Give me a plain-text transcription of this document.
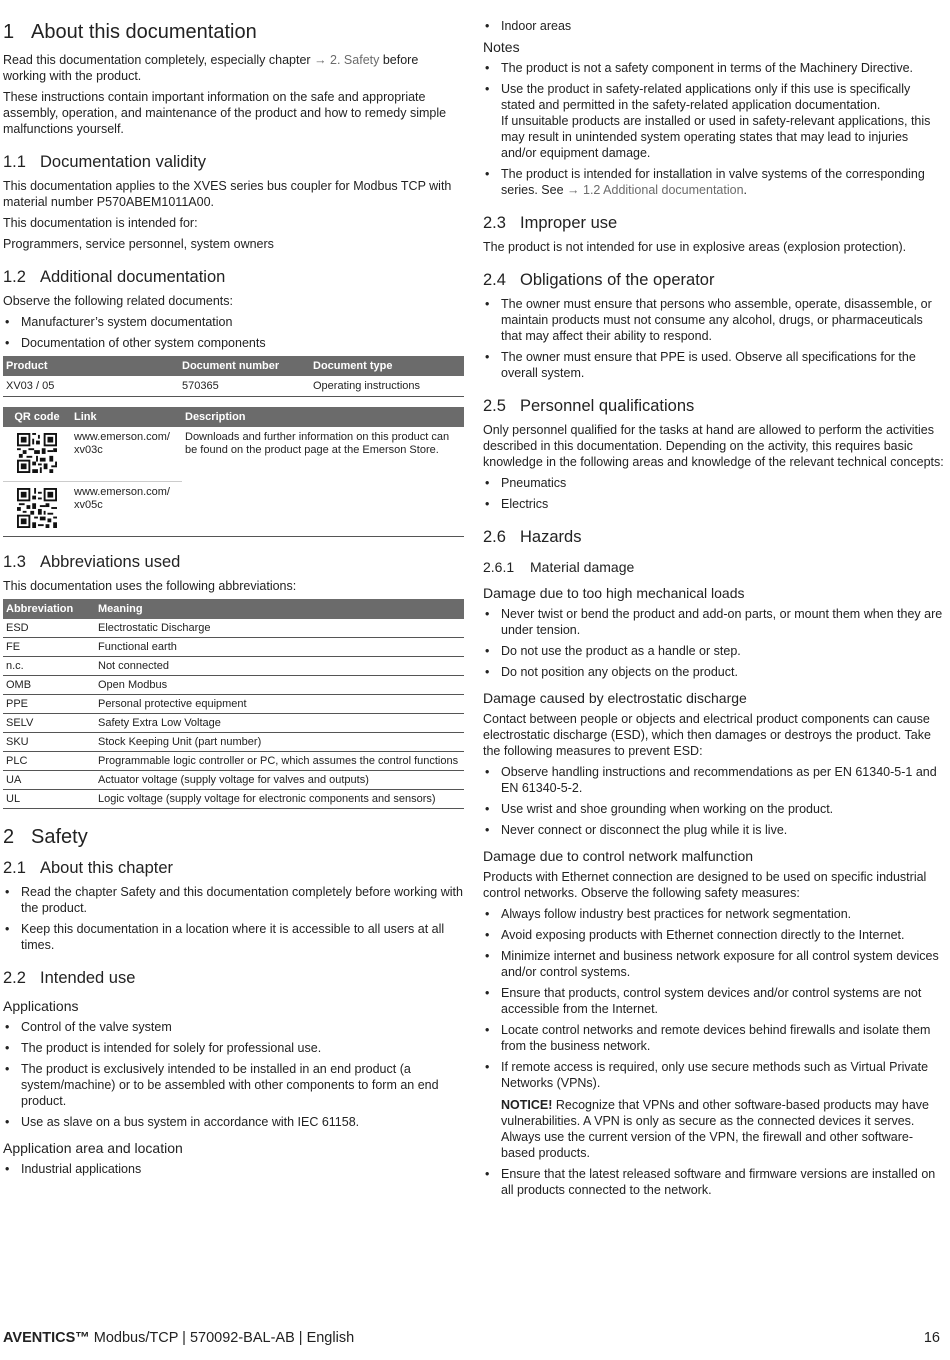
1 About this documentation

Read this documentation completely, especially chapter → 2. Safety before working with the product.

These instructions contain important information on the safe and appropriate assembly, operation, and maintenance of the product and how to remedy simple malfunctions yourself.

1.1 Documentation validity

This documentation applies to the XVES series bus coupler for Modbus TCP with material number P570ABEM1011A00.

This documentation is intended for:

Programmers, service personnel, system owners

1.2 Additional documentation

Observe the following related documents:

• Manufacturer’s system documentation
• Documentation of other system components
Product	Document number	Document type
XV03 / 05	570365	Operating instructions
QR code	Link	Description
	www.emerson.com/ xv03c	Downloads and further information on this product can be found on the product page at the Emerson Store.
	www.emerson.com/ xv05c	
1.3 Abbreviations used

This documentation uses the following abbreviations:

Abbreviation	Meaning
ESD	Electrostatic Discharge
FE	Functional earth
n.c.	Not connected
OMB	Open Modbus
PPE	Personal protective equipment
SELV	Safety Extra Low Voltage
SKU	Stock Keeping Unit (part number)
PLC	Programmable logic controller or PC, which assumes the control functions
UA	Actuator voltage (supply voltage for valves and outputs)
UL	Logic voltage (supply voltage for electronic components and sensors)
2 Safety
2.1 About this chapter
• Read the chapter Safety and this documentation completely before working with the product.
• Keep this documentation in a location where it is accessible to all users at all times.
2.2 Intended use
Applications
• Control of the valve system
• The product is intended for solely for professional use.
• The product is exclusively intended to be installed in an end product (a system/machine) or to be assembled with other components to form an end product.
• Use as slave on a bus system in accordance with IEC 61158.
Application area and location
• Industrial applications
• Indoor areas
Notes
• The product is not a safety component in terms of the Machinery Directive.
• Use the product in safety-related applications only if this use is specifically stated and permitted in the safety-related application documentation.
If unsuitable products are installed or used in safety-relevant applications, this may result in unintended system operating states that may lead to injuries and/or equipment damage.
• The product is intended for installation in valve systems of the corresponding series. See → 1.2 Additional documentation.
2.3 Improper use

The product is not intended for use in explosive areas (explosion protection).

2.4 Obligations of the operator
• The owner must ensure that persons who assemble, operate, disassemble, or maintain products must not consume any alcohol, drugs, or pharmaceuticals that may affect their ability to respond.
• The owner must ensure that PPE is used. Observe all specifications for the overall system.
2.5 Personnel qualifications

Only personnel qualified for the tasks at hand are allowed to perform the activities described in this documentation. Depending on the activity, this requires basic knowledge in the following areas and knowledge of the relevant technical concepts:

• Pneumatics
• Electrics
2.6 Hazards
2.6.1 Material damage
Damage due to too high mechanical loads
• Never twist or bend the product and add-on parts, or mount them when they are under tension.
• Do not use the product as a handle or step.
• Do not position any objects on the product.
Damage caused by electrostatic discharge

Contact between people or objects and electrical product components can cause electrostatic discharge (ESD), which then damages or destroys the product. Take the following measures to prevent ESD:

• Observe handling instructions and recommendations as per EN 61340-5-1 and EN 61340-5-2.
• Use wrist and shoe grounding when working on the product.
• Never connect or disconnect the plug while it is live.
Damage due to control network malfunction

Products with Ethernet connection are designed to be used on specific industrial control networks. Observe the following safety measures:

• Always follow industry best practices for network segmentation.
• Avoid exposing products with Ethernet connection directly to the Internet.
• Minimize internet and business network exposure for all control system devices and/or control systems.
• Ensure that products, control system devices and/or control systems are not accessible from the Internet.
• Locate control networks and remote devices behind firewalls and isolate them from the business network.
• If remote access is required, only use secure methods such as Virtual Private Networks (VPNs).
NOTICE! Recognize that VPNs and other software-based products may have vulnerabilities. A VPN is only as secure as the connected devices it serves. Always use the current version of the VPN, the firewall and other software-based products.
• Ensure that the latest released software and firmware versions are installed on all products connected to the network.
AVENTICS™ Modbus/TCP | 570092-BAL-AB | English	16
